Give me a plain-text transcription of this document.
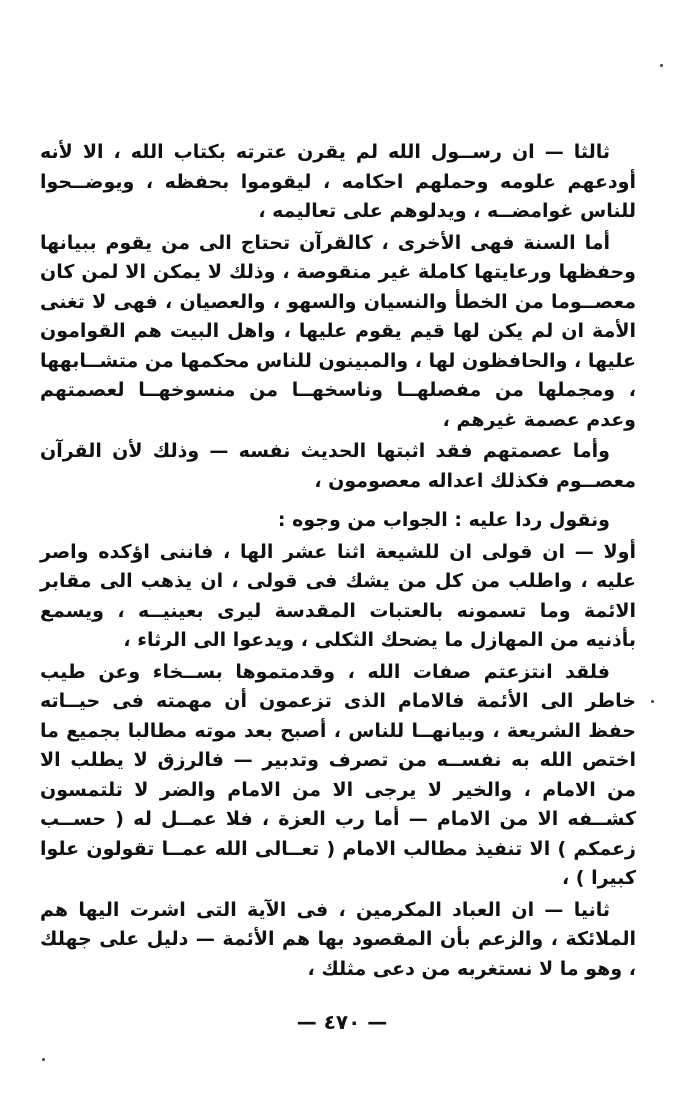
ثالثا — ان رســول الله لم يقرن عترته بكتاب الله ، الا لأنه أودعهم علومه وحملهم احكامه ، ليقوموا بحفظه ، ويوضــحوا للناس غوامضــه ، ويدلوهم على تعاليمه ،

أما السنة فهى الأخرى ، كالقرآن تحتاج الى من يقوم ببيانها وحفظها ورعايتها كاملة غير منقوصة ، وذلك لا يمكن الا لمن كان معصــوما من الخطأ والنسيان والسهو ، والعصيان ، فهى لا تغنى الأمة ان لم يكن لها قيم يقوم عليها ، واهل البيت هم القوامون عليها ، والحافظون لها ، والمبينون للناس محكمها من متشــابهها ، ومجملها من مفصلهــا وناسخهــا من منسوخهــا لعصمتهم وعدم عصمة غيرهم ،

وأما عصمتهم فقد اثبتها الحديث نفسه — وذلك لأن القرآن معصــوم فكذلك اعداله معصومون ،

ونقول ردا عليه : الجواب من وجوه :

أولا — ان قولى ان للشيعة اثنا عشر الها ، فاننى اؤكده واصر عليه ، واطلب من كل من يشك فى قولى ، ان يذهب الى مقابر الائمة وما تسمونه بالعتبات المقدسة ليرى بعينيــه ، ويسمع بأذنيه من المهازل ما يضحك الثكلى ، ويدعوا الى الرثاء ،

فلقد انتزعتم صفات الله ، وقدمتموها بســخاء وعن طيب خاطر الى الأئمة فالامام الذى تزعمون أن مهمته فى حيــاته حفظ الشريعة ، وبيانهــا للناس ، أصبح بعد موته مطالبا بجميع ما اختص الله به نفســه من تصرف وتدبير — فالرزق لا يطلب الا من الامام ، والخير لا يرجى الا من الامام والضر لا تلتمسون كشــفه الا من الامام — أما رب العزة ، فلا عمــل له ( حســب زعمكم ) الا تنفيذ مطالب الامام ( تعــالى الله عمــا تقولون علوا كبيرا ) ،

ثانيا — ان العباد المكرمين ، فى الآية التى اشرت اليها هم الملائكة ، والزعم بأن المقصود بها هم الأئمة — دليل على جهلك ، وهو ما لا نستغربه من دعى مثلك ،

— ٤٧٠ —
